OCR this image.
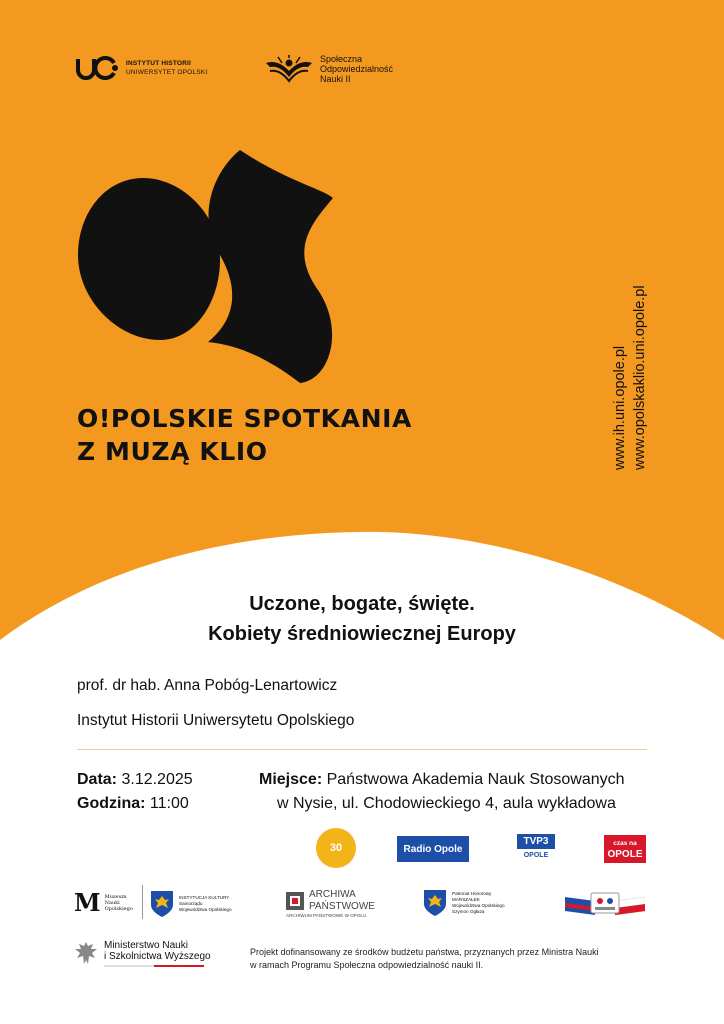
INSTYTUT HISTORII
UNIWERSYTET OPOLSKI
Społeczna
Odpowiedzialność
Nauki II
O!POLSKIE SPOTKANIA
Z MUZĄ KLIO	www.ih.uni.opole.pl www.opolskaklio.uni.opole.pl
Uczone, bogate, święte.
Kobiety średniowiecznej Europy
prof. dr hab. Anna Pobóg-Lenartowicz
Instytut Historii Uniwersytetu Opolskiego
Data: 3.12.2025
Godzina: 11:00
Miejsce: Państwowa Akademia Nauk Stosowanych
w Nysie, ul. Chodowieckiego 4, aula wykładowa
30	Radio Opole
TVP3
OPOLE
czas na
OPOLE
M Muzeum
Nauki
Opolskiego
INSTYTUCJA KULTURY
Samorządu
Województwa Opolskiego
ARCHIWA
PAŃSTWOWE
ARCHIWUM PAŃSTWOWE W OPOLU
Patronat Honorowy
MARSZAŁEK
Województwa Opolskiego
Szymon Ogłaza
Ministerstwo Nauki
i Szkolnictwa Wyższego	Projekt dofinansowany ze środków budżetu państwa, przyznanych przez Ministra Nauki
w ramach Programu Społeczna odpowiedzialność nauki II.
